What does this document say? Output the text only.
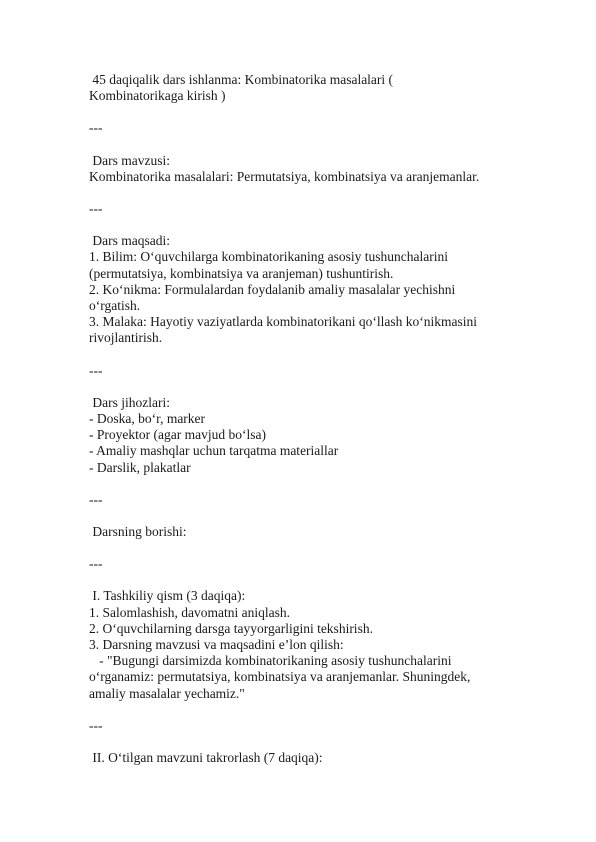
45 daqiqalik dars ishlanma: Kombinatorika masalalari (

Kombinatorikaga kirish )

---

Dars mavzusi:

Kombinatorika masalalari: Permutatsiya, kombinatsiya va aranjemanlar.

---

Dars maqsadi:

1. Bilim: O‘quvchilarga kombinatorikaning asosiy tushunchalarini

(permutatsiya, kombinatsiya va aranjeman) tushuntirish.

2. Ko‘nikma: Formulalardan foydalanib amaliy masalalar yechishni

o‘rgatish.

3. Malaka: Hayotiy vaziyatlarda kombinatorikani qo‘llash ko‘nikmasini

rivojlantirish.

---

Dars jihozlari:

- Doska, bo‘r, marker

- Proyektor (agar mavjud bo‘lsa)

- Amaliy mashqlar uchun tarqatma materiallar

- Darslik, plakatlar

---

Darsning borishi:

---

I. Tashkiliy qism (3 daqiqa):

1. Salomlashish, davomatni aniqlash.

2. O‘quvchilarning darsga tayyorgarligini tekshirish.

3. Darsning mavzusi va maqsadini e’lon qilish:

- "Bugungi darsimizda kombinatorikaning asosiy tushunchalarini

o‘rganamiz: permutatsiya, kombinatsiya va aranjemanlar. Shuningdek,

amaliy masalalar yechamiz."

---

II. O‘tilgan mavzuni takrorlash (7 daqiqa):
